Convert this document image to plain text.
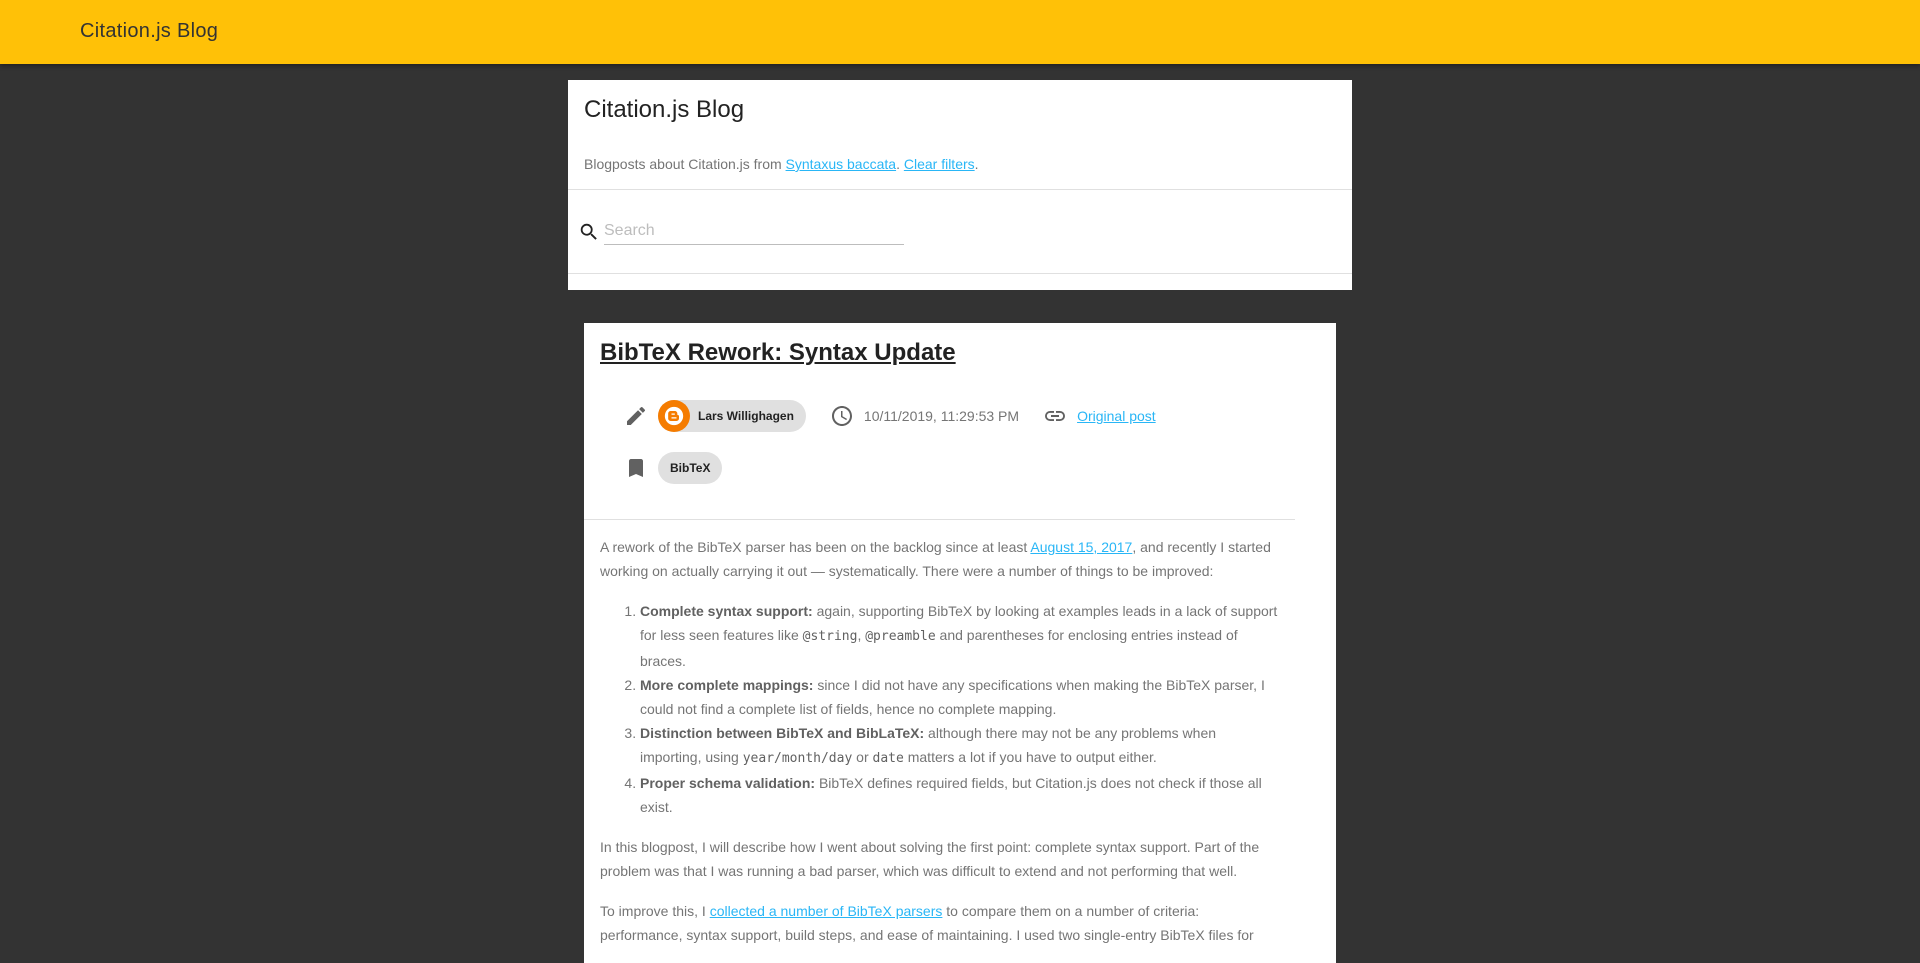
Citation.js Blog
Citation.js Blog
Blogposts about Citation.js from Syntaxus baccata. Clear filters.
Search
BibTeX Rework: Syntax Update
Lars Willighagen	10/11/2019, 11:29:53 PM	Original post
BibTeX

A rework of the BibTeX parser has been on the backlog since at least August 15, 2017, and recently I started working on actually carrying it out — systematically. There were a number of things to be improved:

1. Complete syntax support: again, supporting BibTeX by looking at examples leads in a lack of support for less seen features like @string, @preamble and parentheses for enclosing entries instead of braces.
2. More complete mappings: since I did not have any specifications when making the BibTeX parser, I could not find a complete list of fields, hence no complete mapping.
3. Distinction between BibTeX and BibLaTeX: although there may not be any problems when importing, using year/month/day or date matters a lot if you have to output either.
4. Proper schema validation: BibTeX defines required fields, but Citation.js does not check if those all exist.

In this blogpost, I will describe how I went about solving the first point: complete syntax support. Part of the problem was that I was running a bad parser, which was difficult to extend and not performing that well.

To improve this, I collected a number of BibTeX parsers to compare them on a number of criteria: performance, syntax support, build steps, and ease of maintaining. I used two single-entry BibTeX files for
